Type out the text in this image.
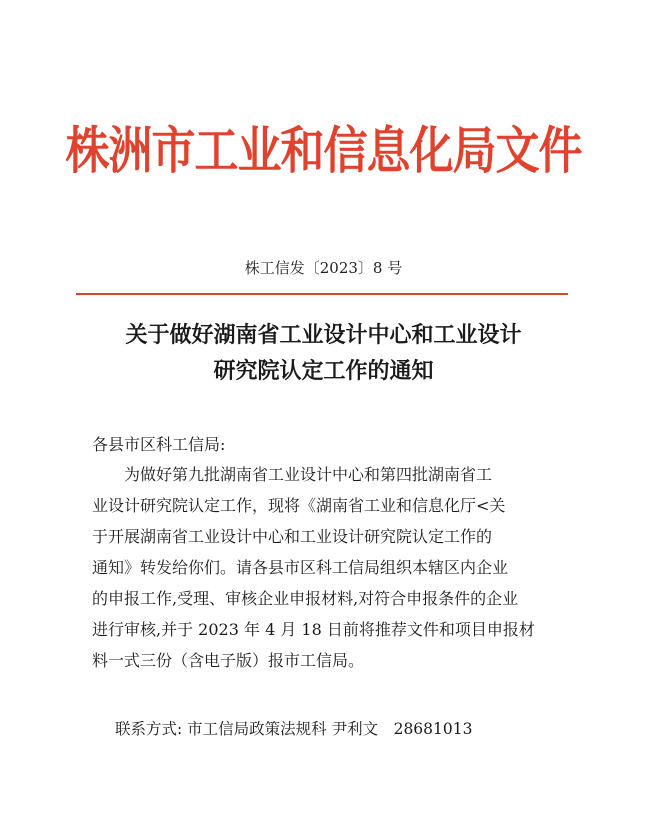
株洲市工业和信息化局文件
株工信发〔2023〕8 号
关于做好湖南省工业设计中心和工业设计
研究院认定工作的通知
各县市区科工信局:
为做好第九批湖南省工业设计中心和第四批湖南省工
业设计研究院认定工作，现将《湖南省工业和信息化厅<关
于开展湖南省工业设计中心和工业设计研究院认定工作的
通知》转发给你们。请各县市区科工信局组织本辖区内企业
的申报工作,受理、审核企业申报材料,对符合申报条件的企业
进行审核,并于 2023 年 4 月 18 日前将推荐文件和项目申报材
料一式三份（含电子版）报市工信局。
联系方式: 市工信局政策法规科 尹利文　28681013
